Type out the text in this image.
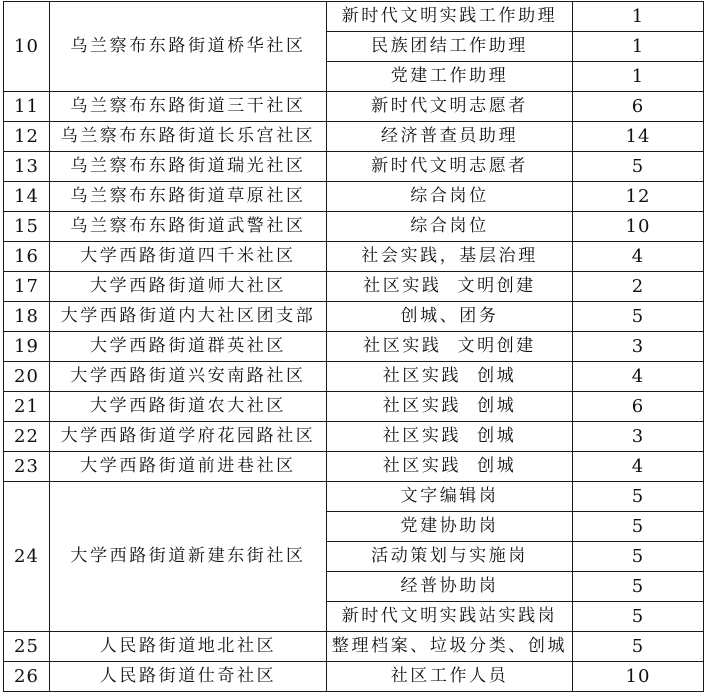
10	乌兰察布东路街道桥华社区	新时代文明实践工作助理	1
		民族团结工作助理	1
		党建工作助理	1
11	乌兰察布东路街道三干社区	新时代文明志愿者	6
12	乌兰察布东路街道长乐宫社区	经济普查员助理	14
13	乌兰察布东路街道瑞光社区	新时代文明志愿者	5
14	乌兰察布东路街道草原社区	综合岗位	12
15	乌兰察布东路街道武警社区	综合岗位	10
16	大学西路街道四千米社区	社会实践，基层治理	4
17	大学西路街道师大社区	社区实践  文明创建	2
18	大学西路街道内大社区团支部	创城、团务	5
19	大学西路街道群英社区	社区实践  文明创建	3
20	大学西路街道兴安南路社区	社区实践  创城	4
21	大学西路街道农大社区	社区实践  创城	6
22	大学西路街道学府花园路社区	社区实践  创城	3
23	大学西路街道前进巷社区	社区实践  创城	4
24	大学西路街道新建东街社区	文字编辑岗	5
		党建协助岗	5
		活动策划与实施岗	5
		经普协助岗	5
		新时代文明实践站实践岗	5
25	人民路街道地北社区	整理档案、垃圾分类、创城	5
26	人民路街道仕奇社区	社区工作人员	10
